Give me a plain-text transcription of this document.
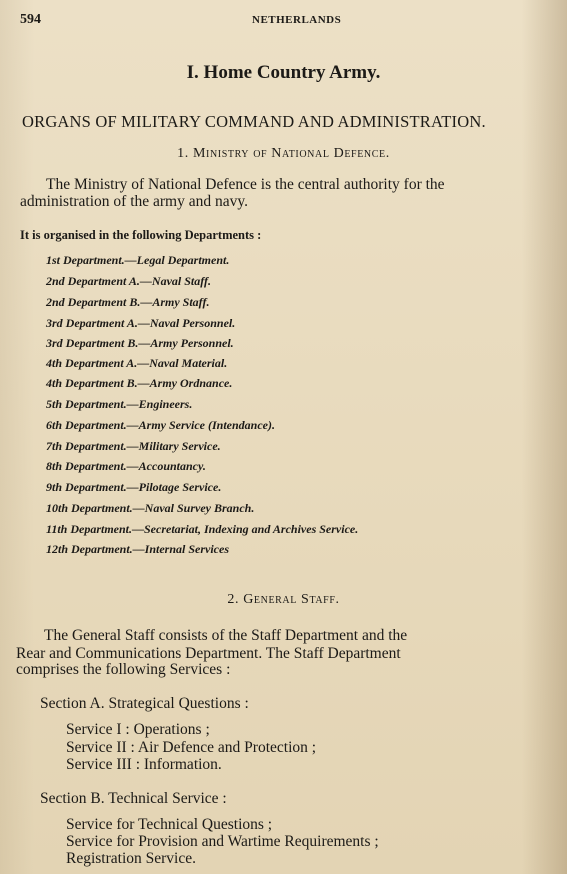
594	NETHERLANDS
I. Home Country Army.
ORGANS OF MILITARY COMMAND AND ADMINISTRATION.
1. Ministry of National Defence.
The Ministry of National Defence is the central authority for the
administration of the army and navy.
It is organised in the following Departments :
1st Department.—Legal Department.
2nd Department A.—Naval Staff.
2nd Department B.—Army Staff.
3rd Department A.—Naval Personnel.
3rd Department B.—Army Personnel.
4th Department A.—Naval Material.
4th Department B.—Army Ordnance.
5th Department.—Engineers.
6th Department.—Army Service (Intendance).
7th Department.—Military Service.
8th Department.—Accountancy.
9th Department.—Pilotage Service.
10th Department.—Naval Survey Branch.
11th Department.—Secretariat, Indexing and Archives Service.
12th Department.—Internal Services
2. General Staff.
The General Staff consists of the Staff Department and the
Rear and Communications Department. The Staff Department
comprises the following Services :
Section A. Strategical Questions :
Service I : Operations ;
Service II : Air Defence and Protection ;
Service III : Information.
Section B. Technical Service :
Service for Technical Questions ;
Service for Provision and Wartime Requirements ;
Registration Service.
